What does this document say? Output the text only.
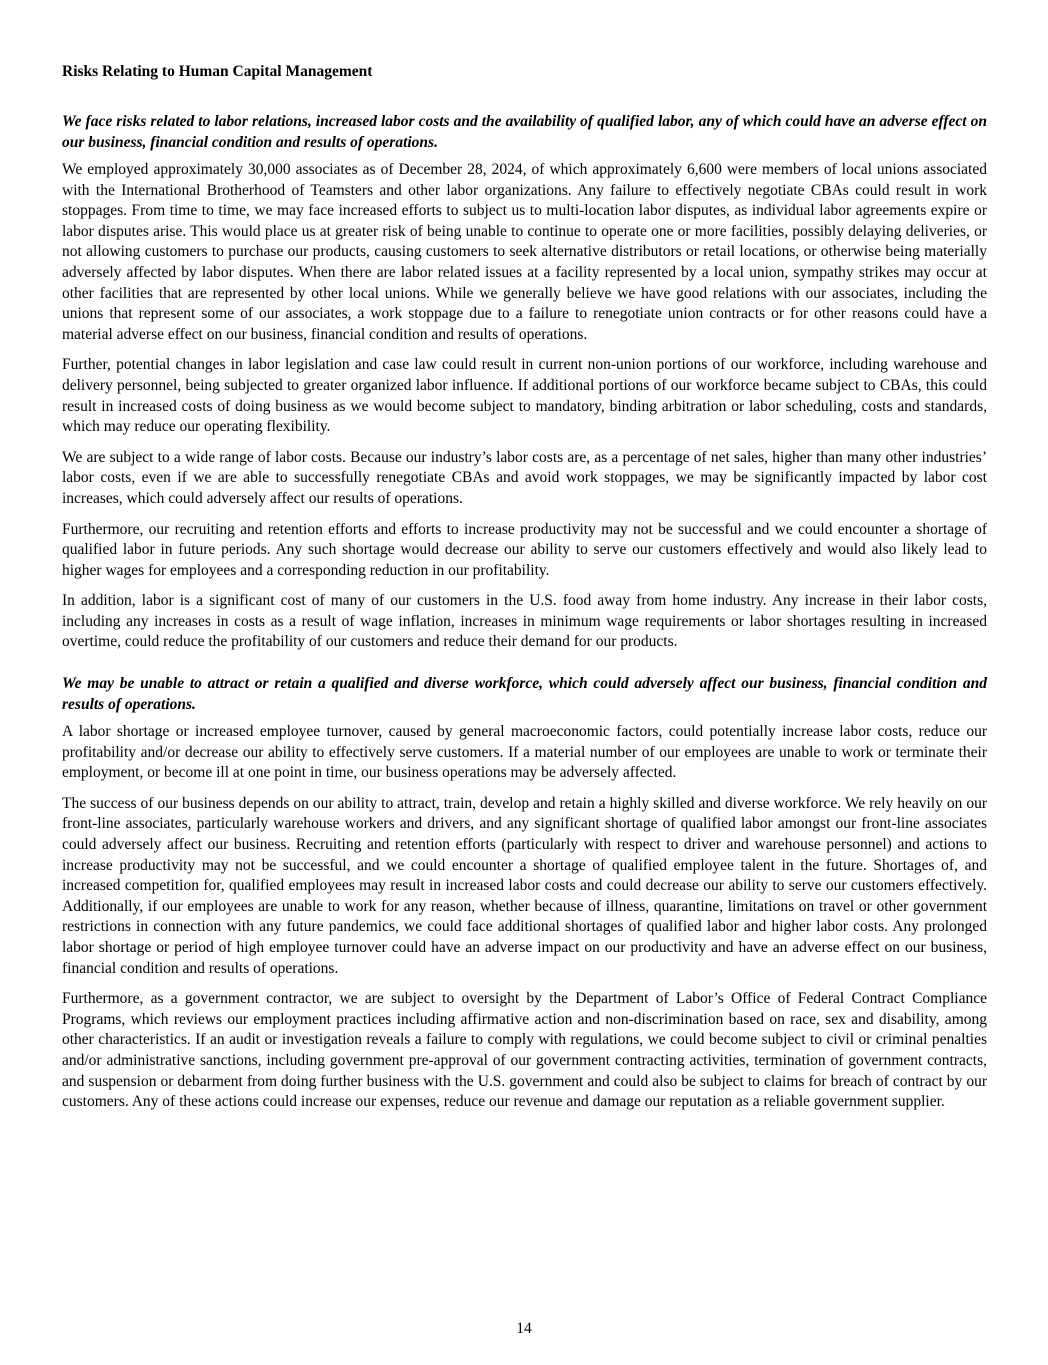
Risks Relating to Human Capital Management

We face risks related to labor relations, increased labor costs and the availability of qualified labor, any of which could have an adverse effect on our business, financial condition and results of operations.

We employed approximately 30,000 associates as of December 28, 2024, of which approximately 6,600 were members of local unions associated with the International Brotherhood of Teamsters and other labor organizations. Any failure to effectively negotiate CBAs could result in work stoppages. From time to time, we may face increased efforts to subject us to multi-location labor disputes, as individual labor agreements expire or labor disputes arise. This would place us at greater risk of being unable to continue to operate one or more facilities, possibly delaying deliveries, or not allowing customers to purchase our products, causing customers to seek alternative distributors or retail locations, or otherwise being materially adversely affected by labor disputes. When there are labor related issues at a facility represented by a local union, sympathy strikes may occur at other facilities that are represented by other local unions. While we generally believe we have good relations with our associates, including the unions that represent some of our associates, a work stoppage due to a failure to renegotiate union contracts or for other reasons could have a material adverse effect on our business, financial condition and results of operations.

Further, potential changes in labor legislation and case law could result in current non-union portions of our workforce, including warehouse and delivery personnel, being subjected to greater organized labor influence. If additional portions of our workforce became subject to CBAs, this could result in increased costs of doing business as we would become subject to mandatory, binding arbitration or labor scheduling, costs and standards, which may reduce our operating flexibility.

We are subject to a wide range of labor costs. Because our industry’s labor costs are, as a percentage of net sales, higher than many other industries’ labor costs, even if we are able to successfully renegotiate CBAs and avoid work stoppages, we may be significantly impacted by labor cost increases, which could adversely affect our results of operations.

Furthermore, our recruiting and retention efforts and efforts to increase productivity may not be successful and we could encounter a shortage of qualified labor in future periods. Any such shortage would decrease our ability to serve our customers effectively and would also likely lead to higher wages for employees and a corresponding reduction in our profitability.

In addition, labor is a significant cost of many of our customers in the U.S. food away from home industry. Any increase in their labor costs, including any increases in costs as a result of wage inflation, increases in minimum wage requirements or labor shortages resulting in increased overtime, could reduce the profitability of our customers and reduce their demand for our products.

We may be unable to attract or retain a qualified and diverse workforce, which could adversely affect our business, financial condition and results of operations.

A labor shortage or increased employee turnover, caused by general macroeconomic factors, could potentially increase labor costs, reduce our profitability and/or decrease our ability to effectively serve customers. If a material number of our employees are unable to work or terminate their employment, or become ill at one point in time, our business operations may be adversely affected.

The success of our business depends on our ability to attract, train, develop and retain a highly skilled and diverse workforce. We rely heavily on our front-line associates, particularly warehouse workers and drivers, and any significant shortage of qualified labor amongst our front-line associates could adversely affect our business. Recruiting and retention efforts (particularly with respect to driver and warehouse personnel) and actions to increase productivity may not be successful, and we could encounter a shortage of qualified employee talent in the future. Shortages of, and increased competition for, qualified employees may result in increased labor costs and could decrease our ability to serve our customers effectively. Additionally, if our employees are unable to work for any reason, whether because of illness, quarantine, limitations on travel or other government restrictions in connection with any future pandemics, we could face additional shortages of qualified labor and higher labor costs. Any prolonged labor shortage or period of high employee turnover could have an adverse impact on our productivity and have an adverse effect on our business, financial condition and results of operations.

Furthermore, as a government contractor, we are subject to oversight by the Department of Labor’s Office of Federal Contract Compliance Programs, which reviews our employment practices including affirmative action and non-discrimination based on race, sex and disability, among other characteristics. If an audit or investigation reveals a failure to comply with regulations, we could become subject to civil or criminal penalties and/or administrative sanctions, including government pre-approval of our government contracting activities, termination of government contracts, and suspension or debarment from doing further business with the U.S. government and could also be subject to claims for breach of contract by our customers. Any of these actions could increase our expenses, reduce our revenue and damage our reputation as a reliable government supplier.

14
